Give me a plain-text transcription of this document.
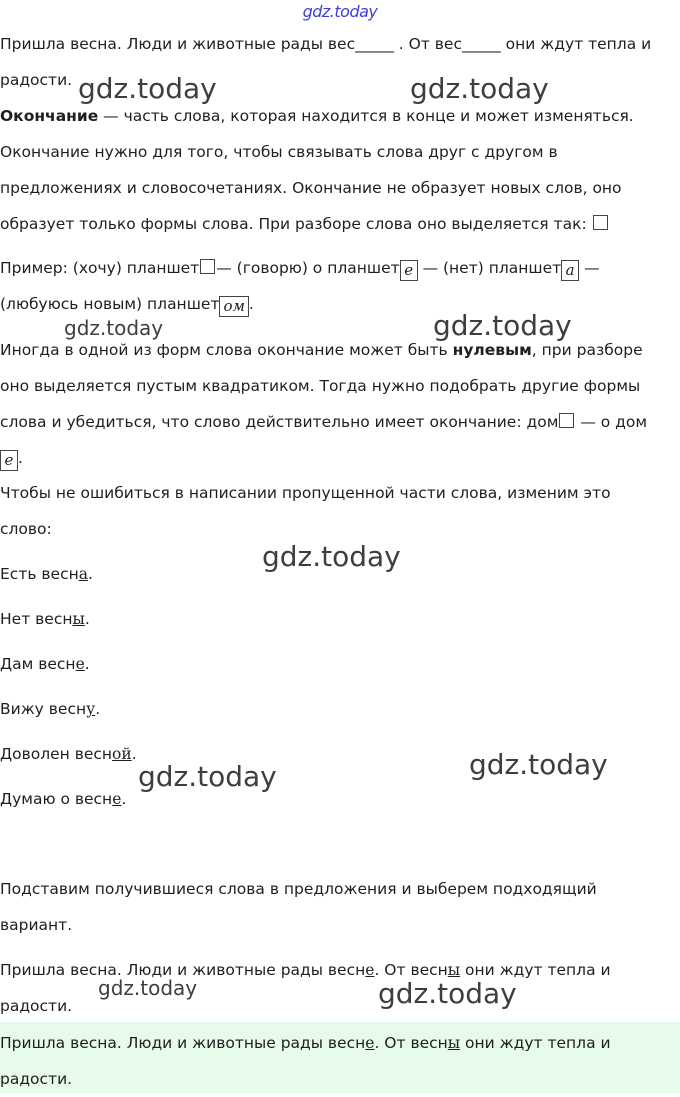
gdz.today

Пришла весна. Люди и животные рады вес_____ . От вес_____ они ждут тепла и

радости.

Окончание — часть слова, которая находится в конце и может изменяться.

Окончание нужно для того, чтобы связывать слова друг с другом в

предложениях и словосочетаниях. Окончание не образует новых слов, оно

образует только формы слова. При разборе слова оно выделяется так:

Пример: (хочу) планшет — (говорю) о планшет е — (нет) планшет а —

(любуюсь новым) планшет ом .

Иногда в одной из форм слова окончание может быть нулевым, при разборе

оно выделяется пустым квадратиком. Тогда нужно подобрать другие формы

слова и убедиться, что слово действительно имеет окончание: дом — о дом

е .

Чтобы не ошибиться в написании пропущенной части слова, изменим это

слово:

Есть весна.

Нет весны.

Дам весне.

Вижу весну.

Доволен весной.

Думаю о весне.

Подставим получившиеся слова в предложения и выберем подходящий

вариант.

Пришла весна. Люди и животные рады весне. От весны они ждут тепла и

радости.

Пришла весна. Люди и животные рады весне. От весны они ждут тепла и

радости.

gdz.today	gdz.today
gdz.today	gdz.today
gdz.today
gdz.today
gdz.today
gdz.today	gdz.today
